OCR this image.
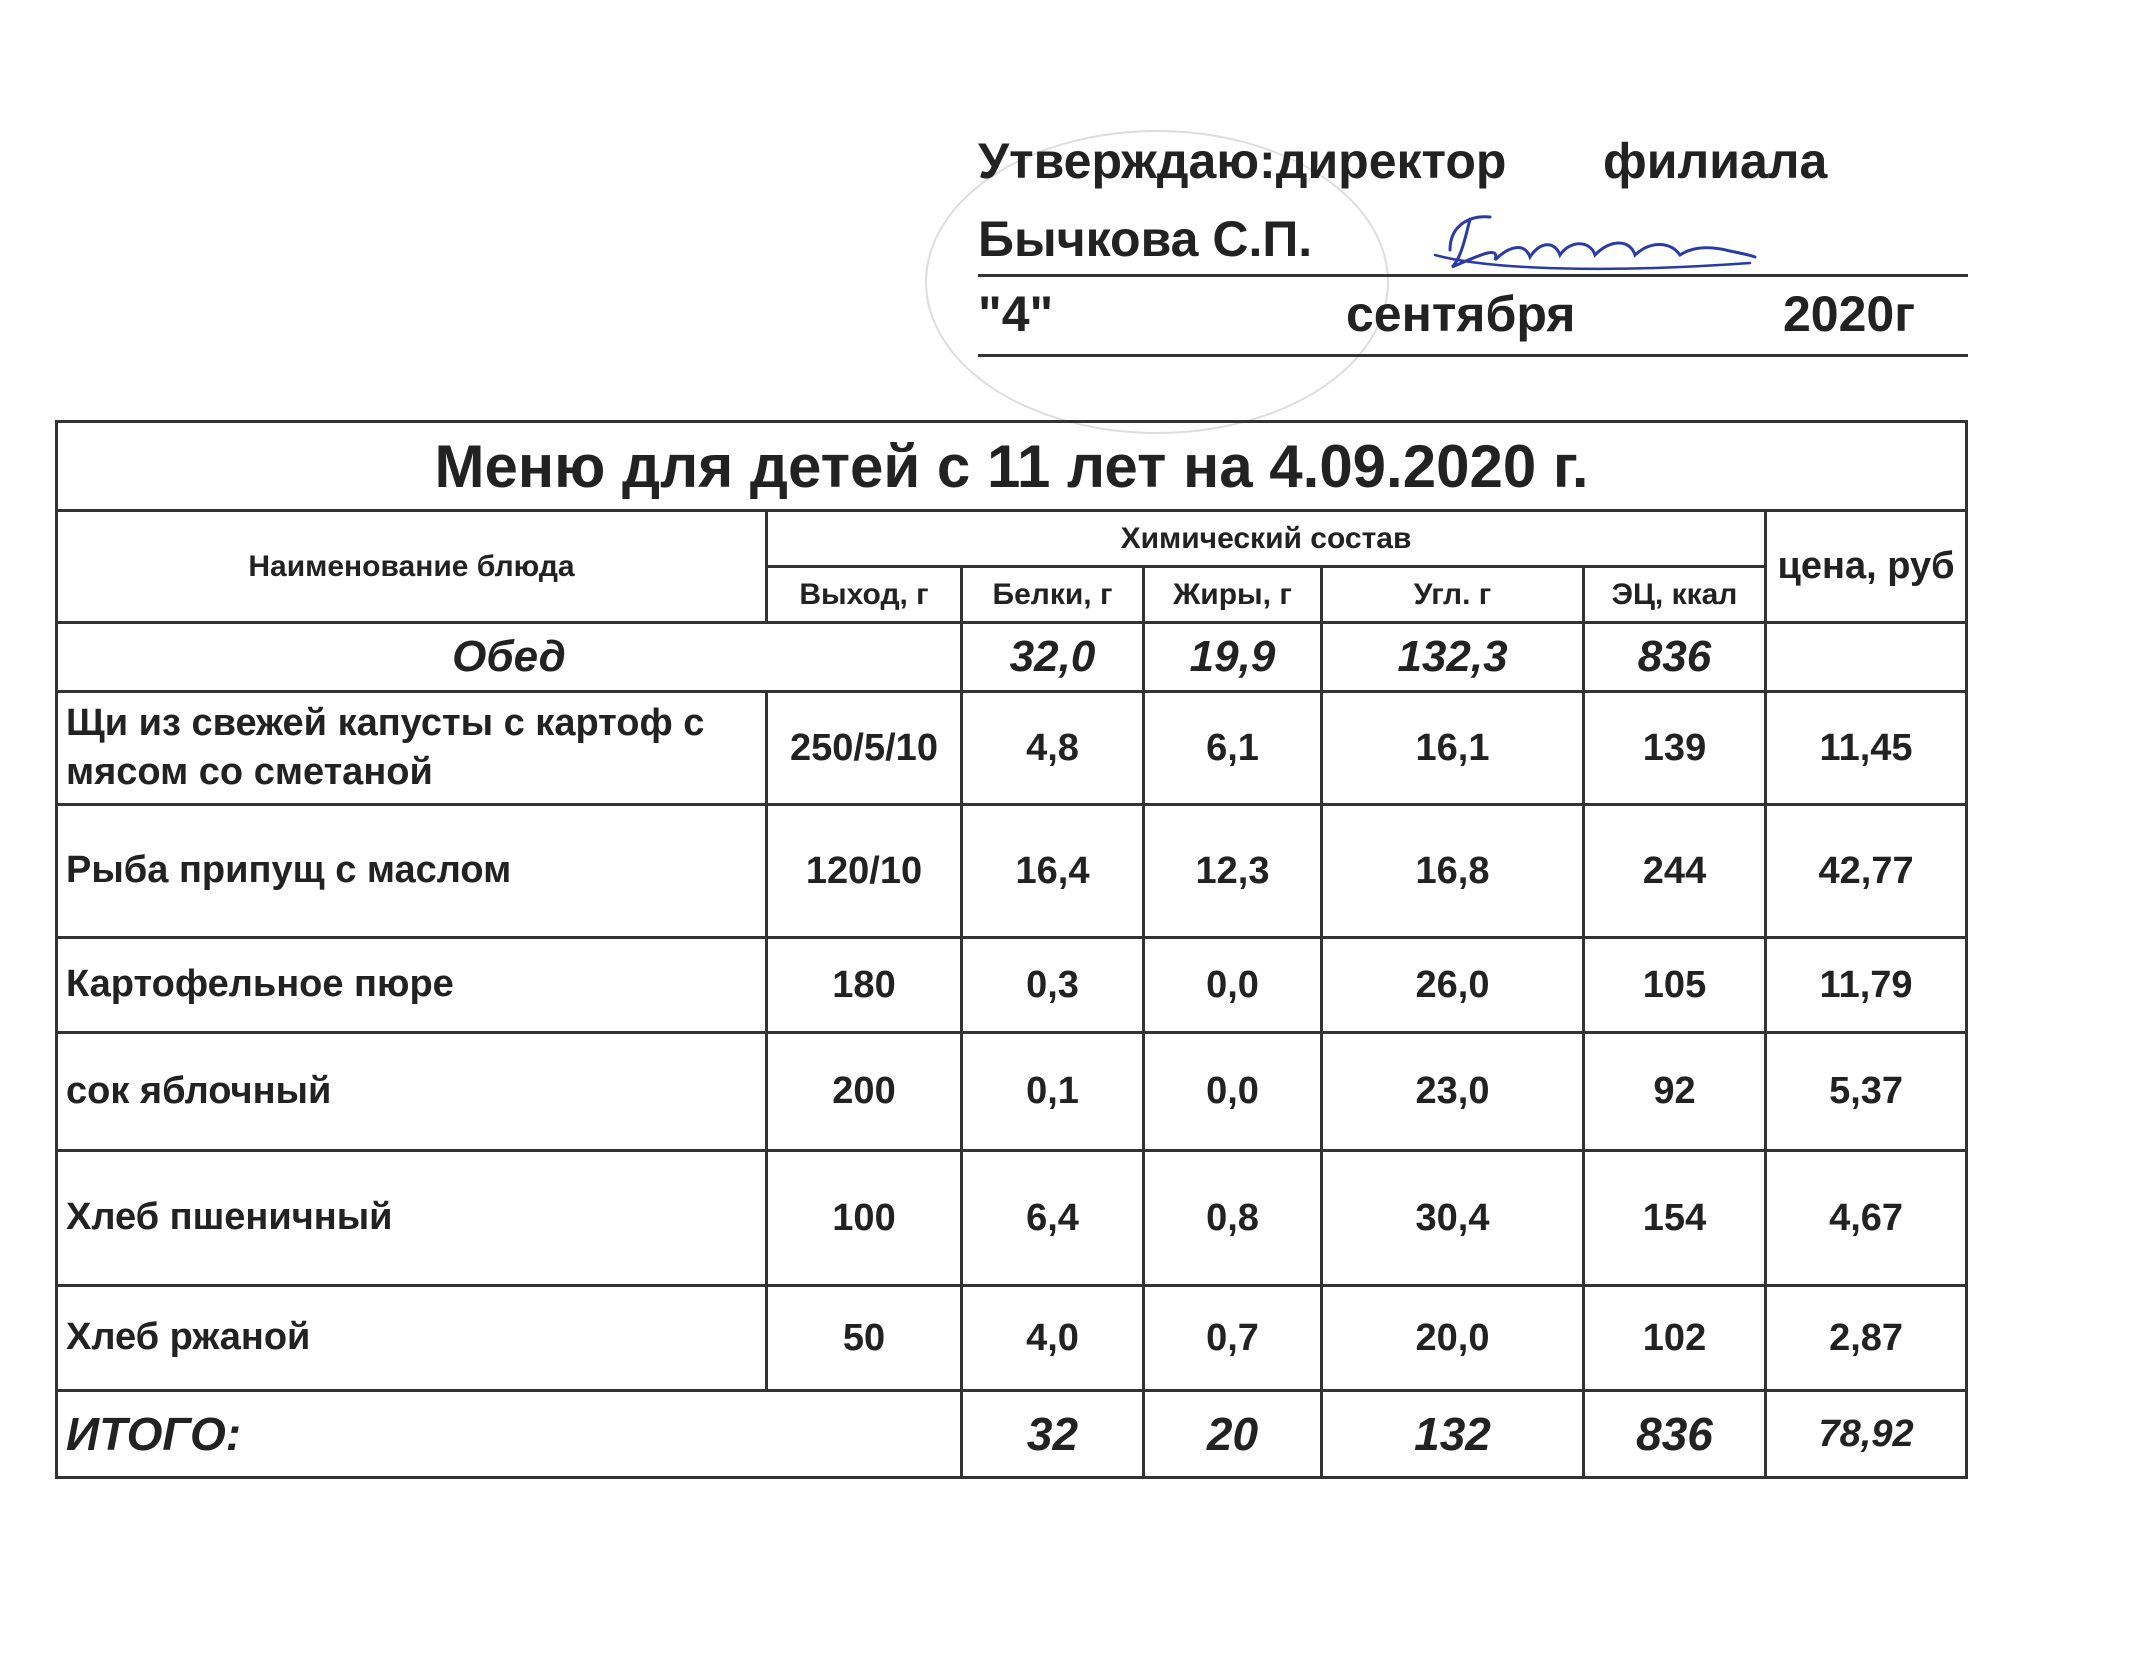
Утверждаю:директор филиала
Бычкова С.П.
"4"	сентября	2020г
Меню для детей с 11 лет на 4.09.2020 г.						
Наименование блюда	Химический состав					цена, руб
	Выход, г	Белки, г	Жиры, г	Угл. г	ЭЦ, ккал	
Обед		32,0	19,9	132,3	836	
Щи из свежей капусты с картоф с мясом со сметаной	250/5/10	4,8	6,1	16,1	139	11,45
Рыба припущ с маслом	120/10	16,4	12,3	16,8	244	42,77
Картофельное пюре	180	0,3	0,0	26,0	105	11,79
сок яблочный	200	0,1	0,0	23,0	92	5,37
Хлеб пшеничный	100	6,4	0,8	30,4	154	4,67
Хлеб ржаной	50	4,0	0,7	20,0	102	2,87
ИТОГО:		32	20	132	836	78,92
